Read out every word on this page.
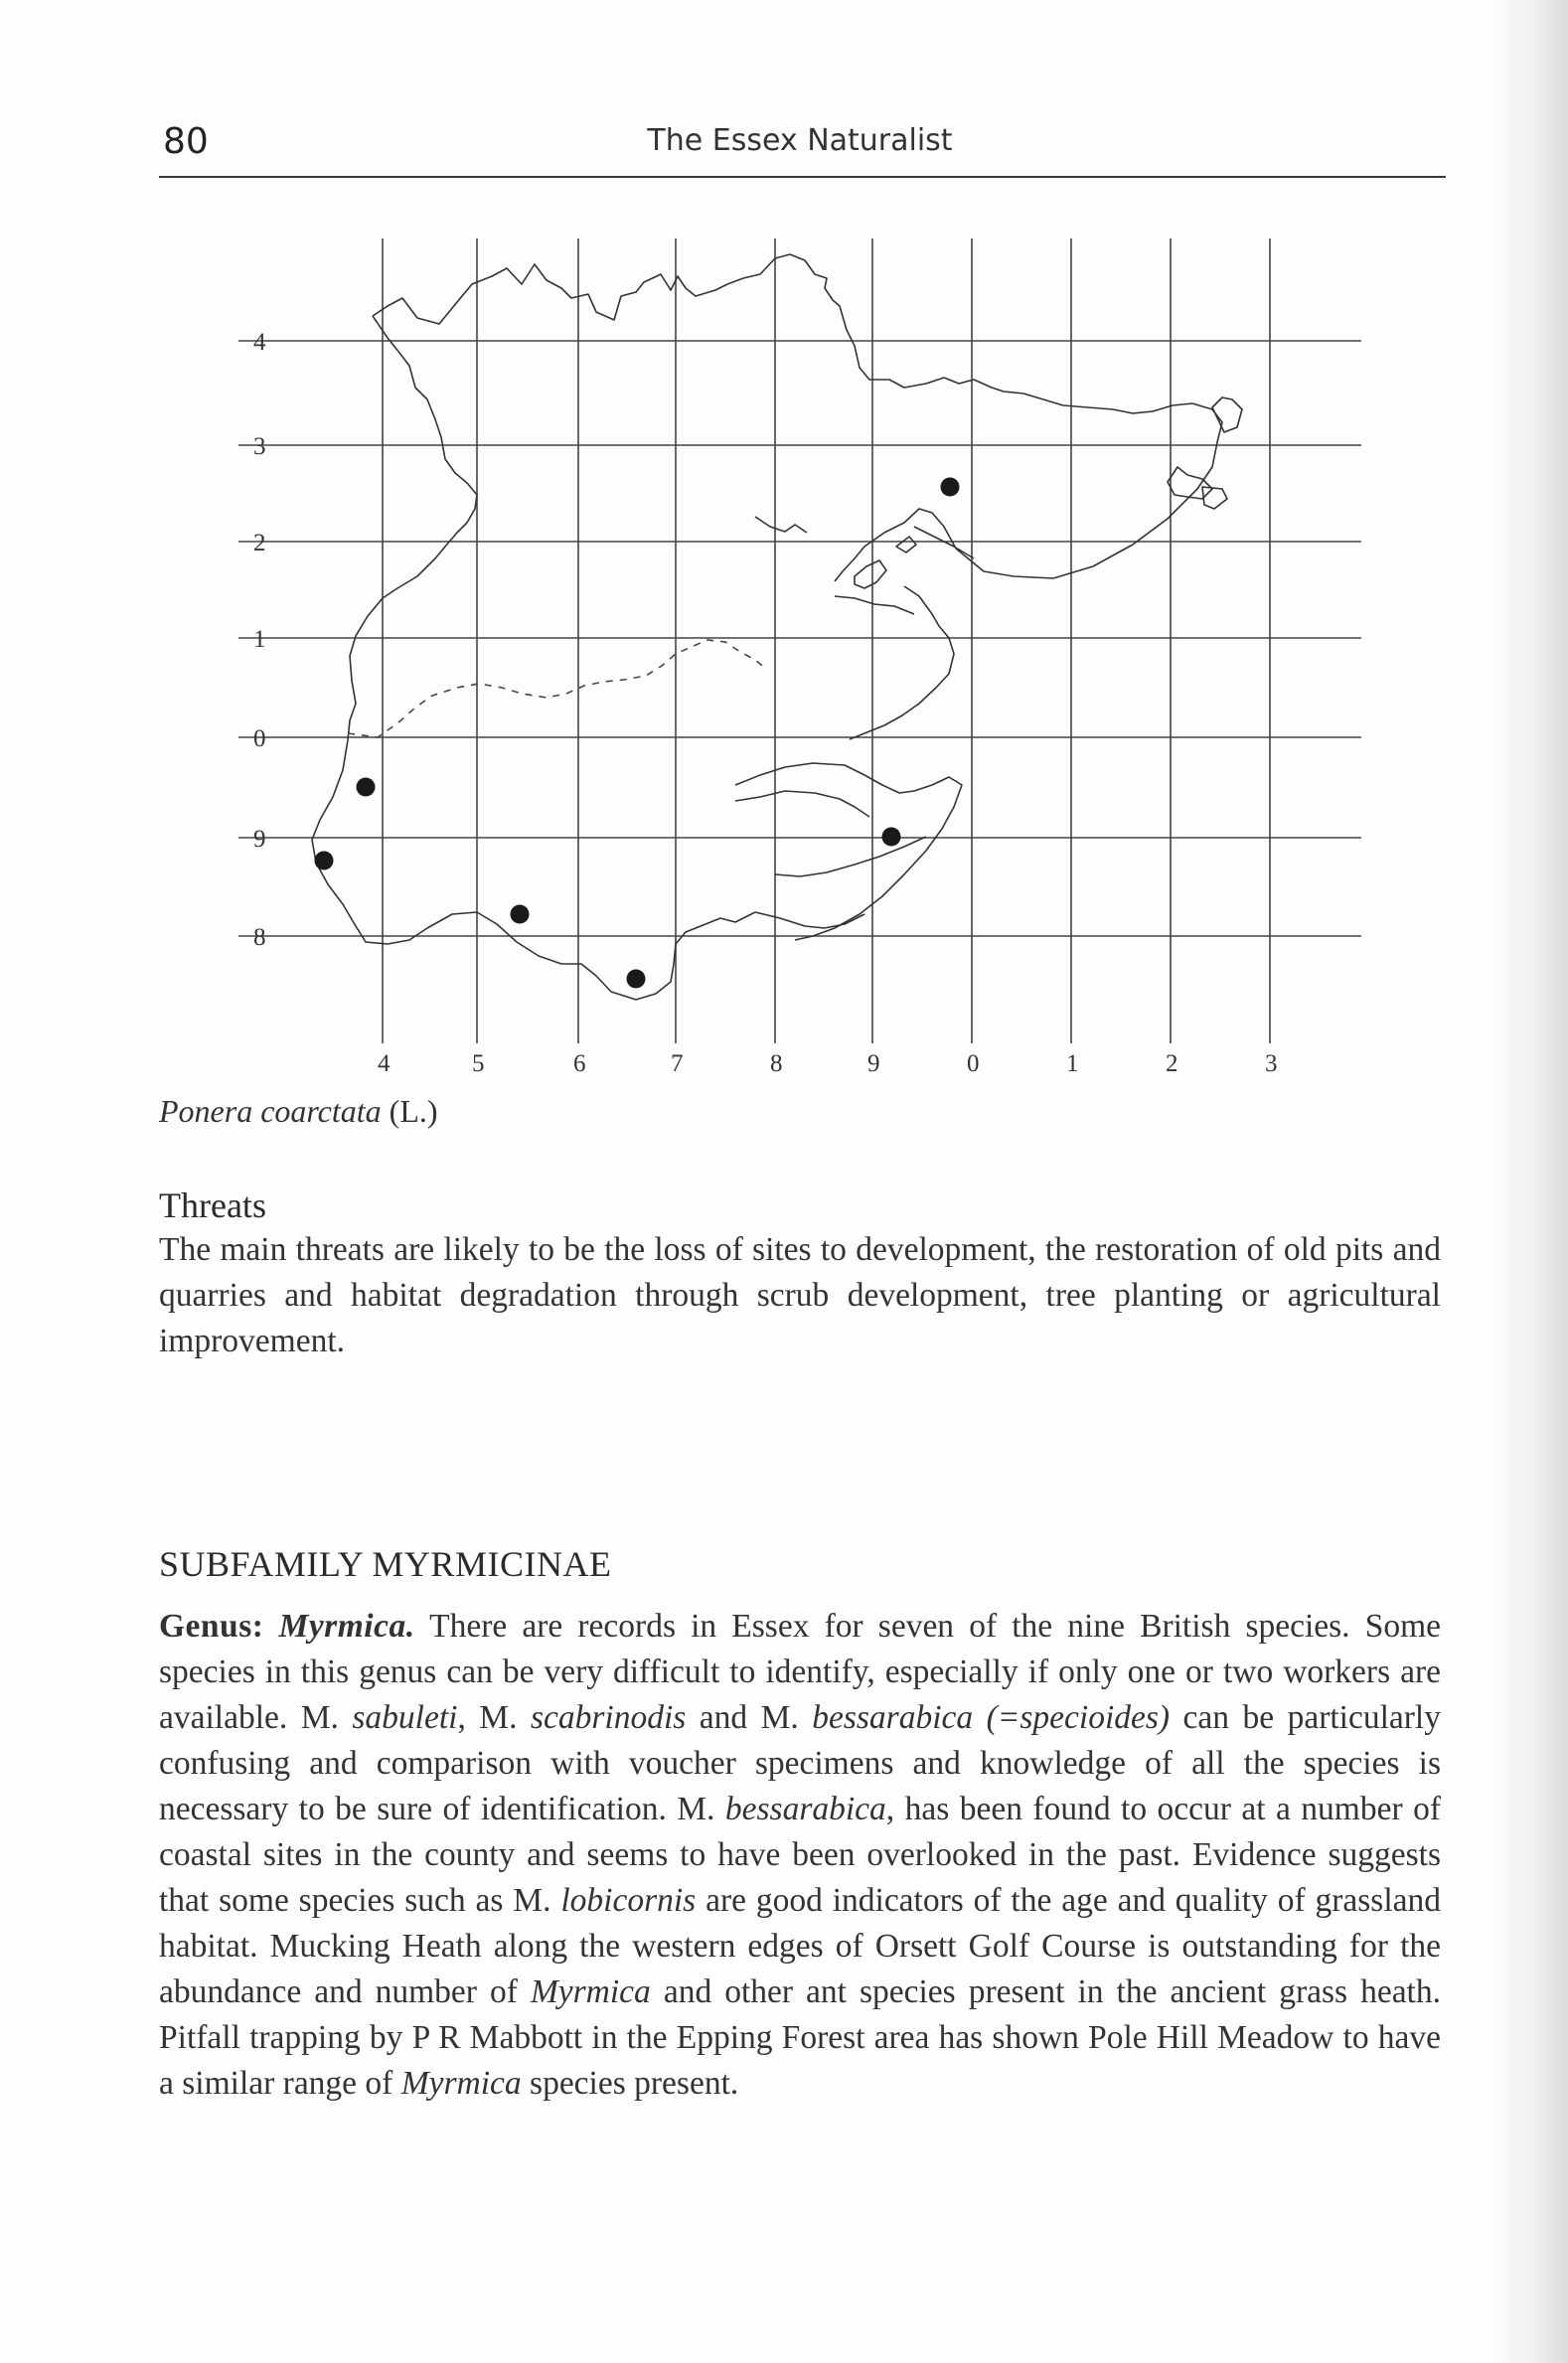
80	The Essex Naturalist
4
3
2
1
0
9
8
4	5	6	7	8	9	0	1	2	3
Ponera coarctata (L.)
Threats
The main threats are likely to be the loss of sites to development, the restoration of old pits and quarries and habitat degradation through scrub development, tree planting or agricultural improvement.
SUBFAMILY MYRMICINAE
Genus: Myrmica. There are records in Essex for seven of the nine British species. Some species in this genus can be very difficult to identify, especially if only one or two workers are available. M. sabuleti, M. scabrinodis and M. bessarabica (=specioides) can be particularly confusing and comparison with voucher specimens and knowledge of all the species is necessary to be sure of identification. M. bessarabica, has been found to occur at a number of coastal sites in the county and seems to have been overlooked in the past. Evidence suggests that some species such as M. lobicornis are good indicators of the age and quality of grassland habitat. Mucking Heath along the western edges of Orsett Golf Course is outstanding for the abundance and number of Myrmica and other ant species present in the ancient grass heath. Pitfall trapping by P R Mabbott in the Epping Forest area has shown Pole Hill Meadow to have a similar range of Myrmica species present.
